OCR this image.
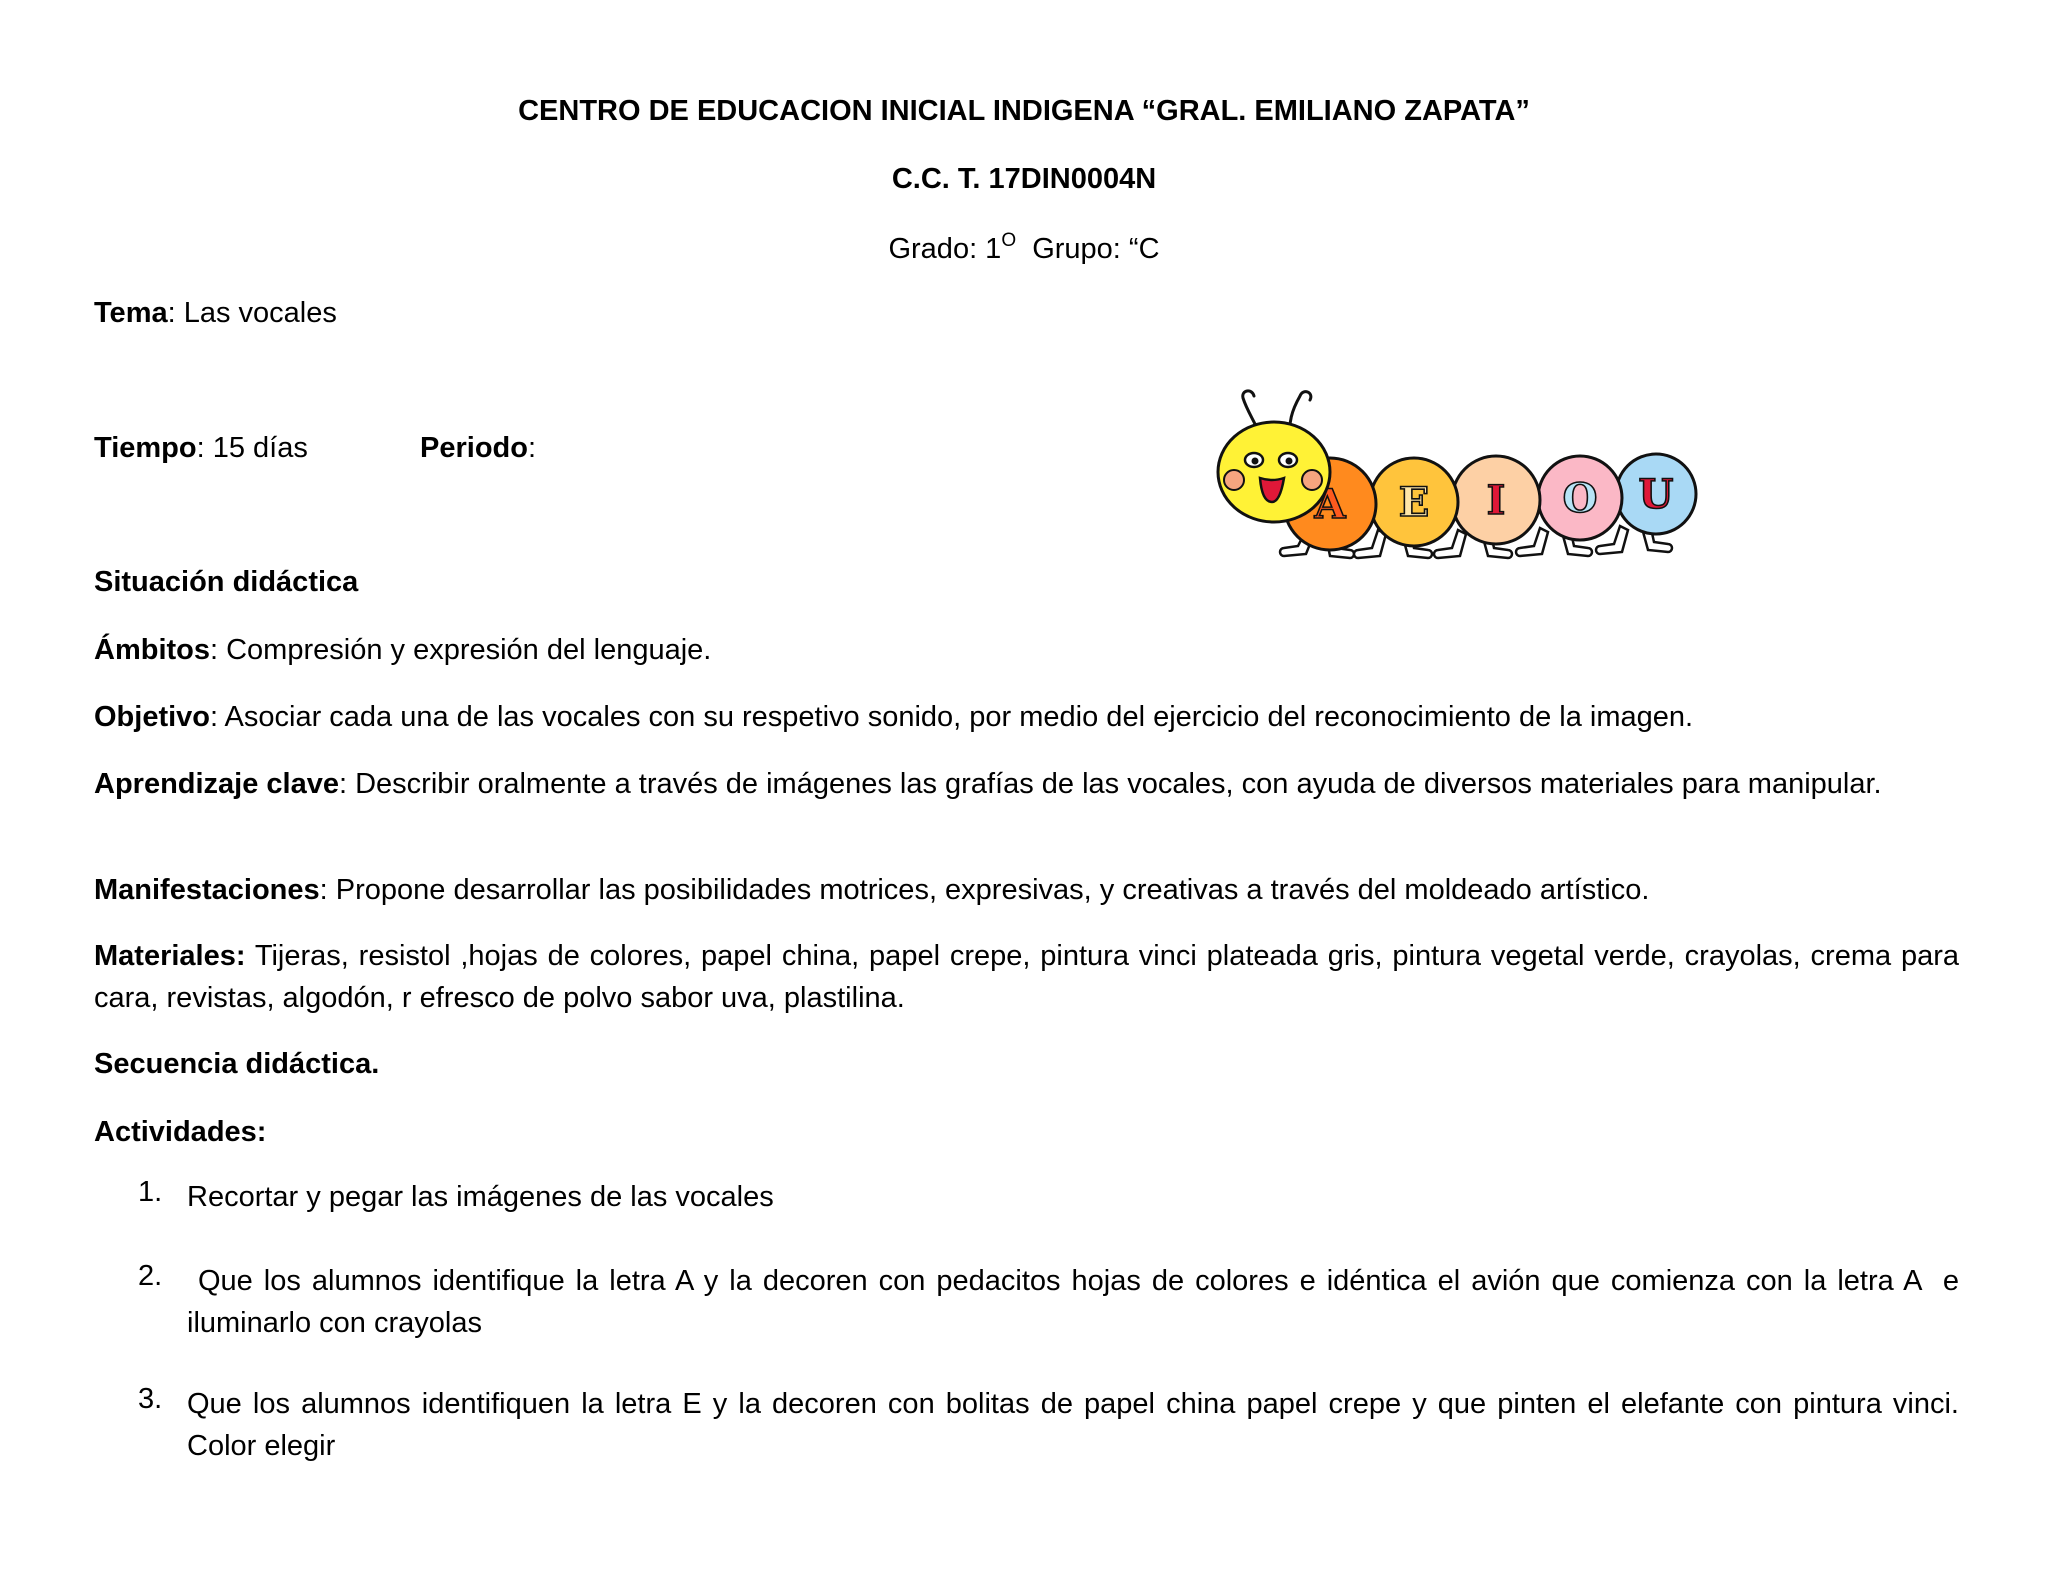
CENTRO DE EDUCACION INICIAL INDIGENA “GRAL. EMILIANO ZAPATA”
C.C. T. 17DIN0004N
Grado: $1^O$  Grupo: “C
Tema: Las vocales
Tiempo: 15 días	Periodo:
A E I O U
Situación didáctica
Ámbitos: Compresión y expresión del lenguaje.
Objetivo: Asociar cada una de las vocales con su respetivo sonido, por medio del ejercicio del reconocimiento de la imagen.
Aprendizaje clave: Describir oralmente a través de imágenes las grafías de las vocales, con ayuda de diversos materiales para manipular.
Manifestaciones: Propone desarrollar las posibilidades motrices, expresivas, y creativas a través del moldeado artístico.
Materiales: Tijeras, resistol ,hojas de colores, papel china, papel crepe, pintura vinci plateada gris, pintura vegetal verde, crayolas, crema para cara, revistas, algodón, r efresco de polvo sabor uva, plastilina.
Secuencia didáctica.
Actividades:
1. Recortar y pegar las imágenes de las vocales
2. Que los alumnos identifique la letra A y la decoren con pedacitos hojas de colores e idéntica el avión que comienza con la letra A  e iluminarlo con crayolas
3. Que los alumnos identifiquen la letra E y la decoren con bolitas de papel china papel crepe y que pinten el elefante con pintura vinci. Color elegir
